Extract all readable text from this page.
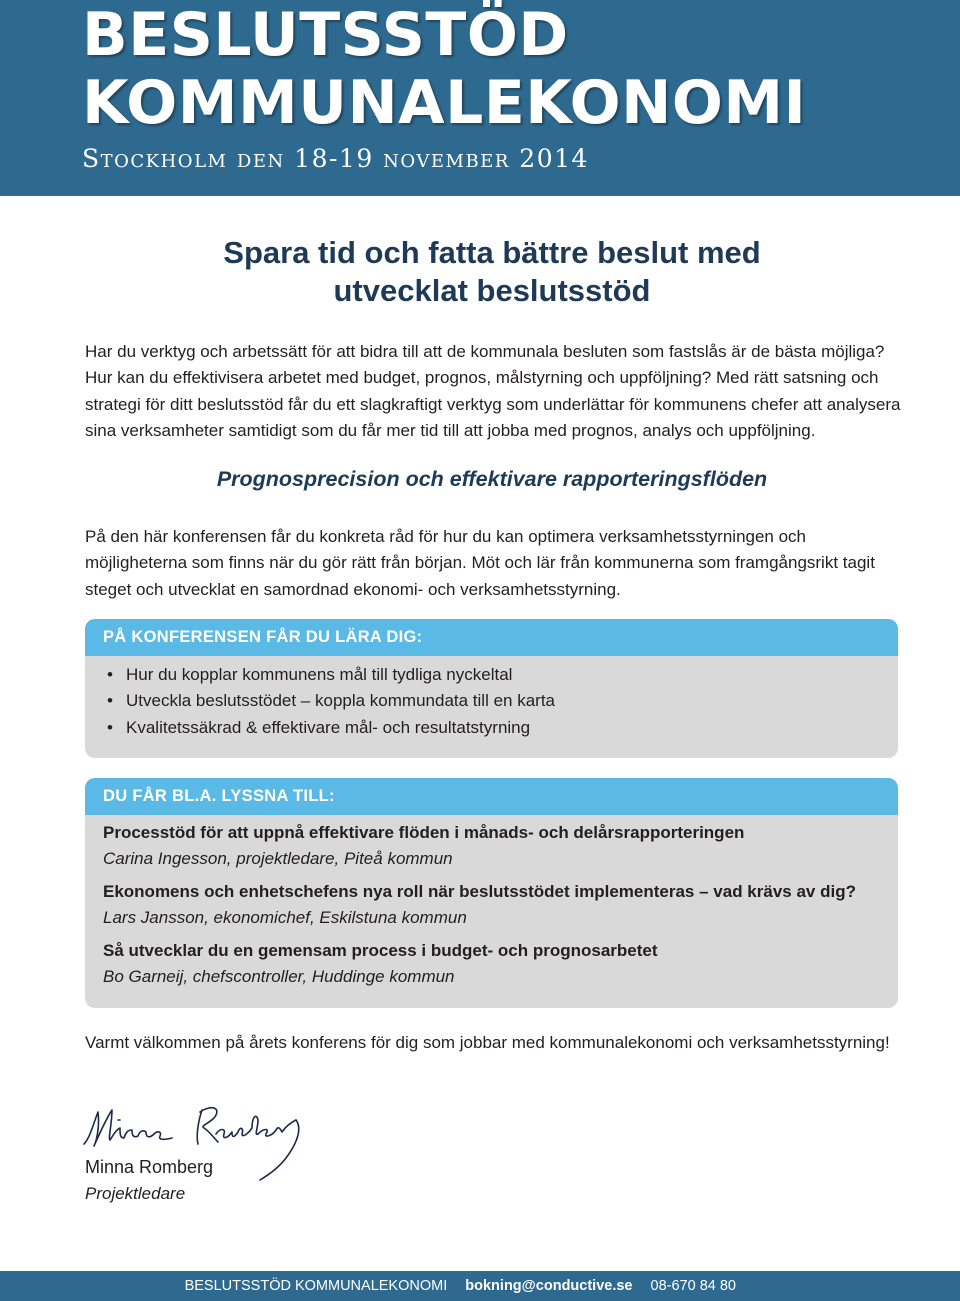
BESLUTSSTÖD
KOMMUNALEKONOMI
Stockholm den 18-19 november 2014
Spara tid och fatta bättre beslut med
utvecklat beslutsstöd
Har du verktyg och arbetssätt för att bidra till att de kommunala besluten som fastslås är de bästa möjliga? Hur kan du effektivisera arbetet med budget, prognos, målstyrning och uppföljning? Med rätt satsning och strategi för ditt beslutsstöd får du ett slagkraftigt verktyg som underlättar för kommunens chefer att analysera sina verksamheter samtidigt som du får mer tid till att jobba med prognos, analys och uppföljning.
Prognosprecision och effektivare rapporteringsflöden
På den här konferensen får du konkreta råd för hur du kan optimera verksamhetsstyrningen och möjligheterna som finns när du gör rätt från början. Möt och lär från kommunerna som framgångsrikt tagit steget och utvecklat en samordnad ekonomi- och verksamhetsstyrning.
PÅ KONFERENSEN FÅR DU LÄRA DIG:
• Hur du kopplar kommunens mål till tydliga nyckeltal
• Utveckla beslutsstödet – koppla kommundata till en karta
• Kvalitetssäkrad & effektivare mål- och resultatstyrning
DU FÅR BL.A. LYSSNA TILL:
Processtöd för att uppnå effektivare flöden i månads- och delårsrapporteringen
Carina Ingesson, projektledare, Piteå kommun
Ekonomens och enhetschefens nya roll när beslutsstödet implementeras – vad krävs av dig?
Lars Jansson, ekonomichef, Eskilstuna kommun
Så utvecklar du en gemensam process i budget- och prognosarbetet
Bo Garneij, chefscontroller, Huddinge kommun
Varmt välkommen på årets konferens för dig som jobbar med kommunalekonomi och verksamhetsstyrning!
Minna Romberg
Projektledare
BESLUTSSTÖD KOMMUNALEKONOMI bokning@conductive.se 08-670 84 80
